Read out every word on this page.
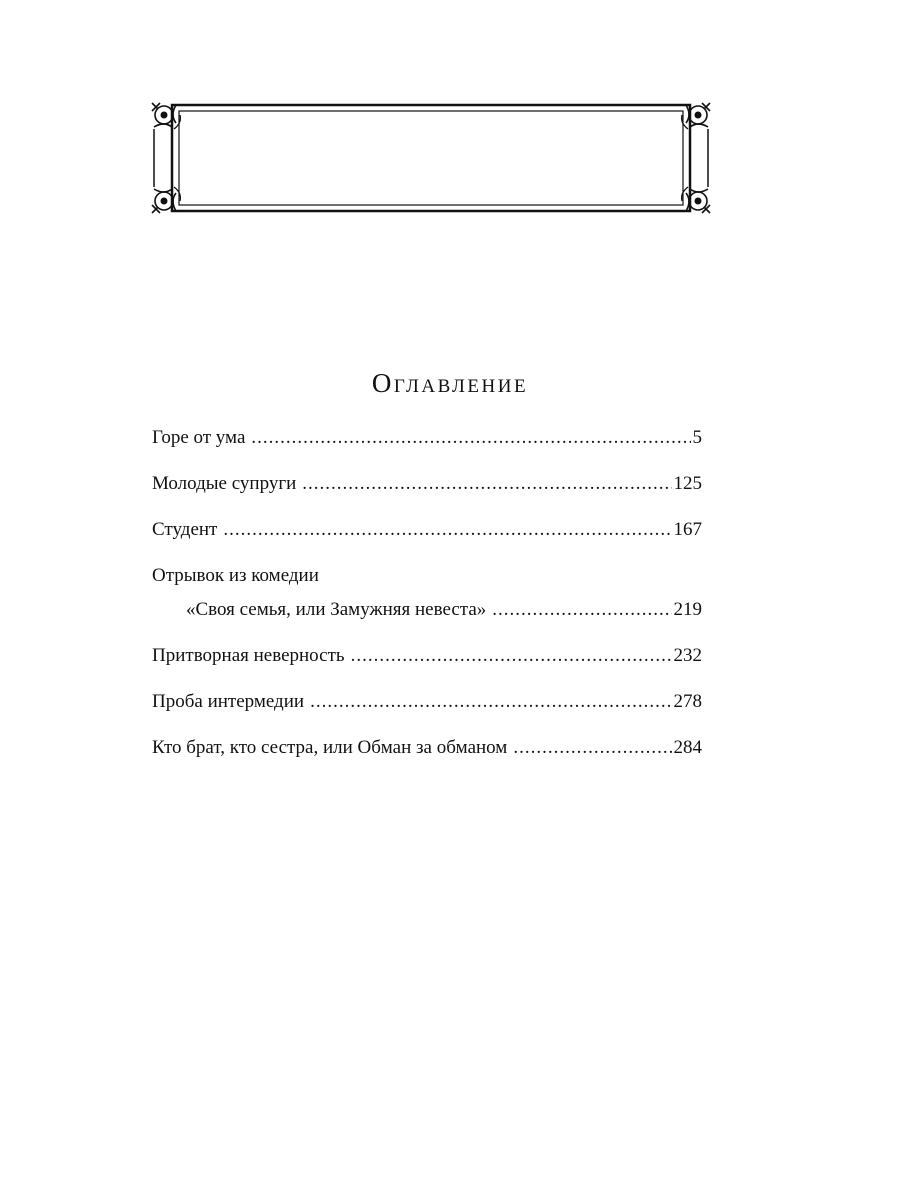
Оглавление
Горе от ума .....	5
Молодые супруги .....	125
Студент .....	167
Отрывок из комедии
«Своя семья, или Замужняя невеста» .....	219
Притворная неверность .....	232
Проба интермедии .....	278
Кто брат, кто сестра, или Обман за обманом .....	284
